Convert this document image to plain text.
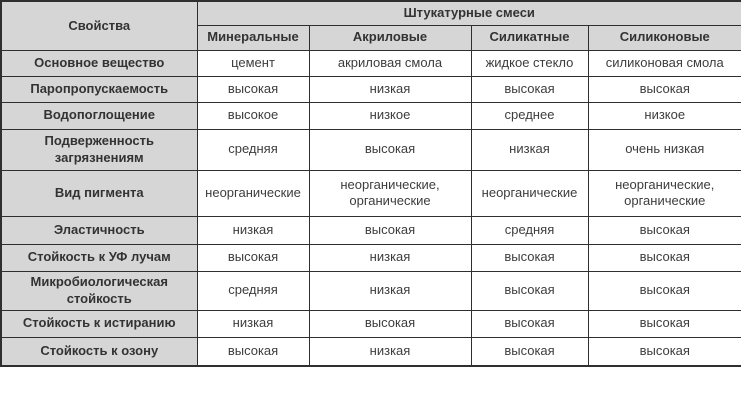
Свойства	Штукатурные смеси			
	Минеральные	Акриловые	Силикатные	Силиконовые
Основное вещество	цемент	акриловая смола	жидкое стекло	силиконовая смола
Паропропускаемость	высокая	низкая	высокая	высокая
Водопоглощение	высокое	низкое	среднее	низкое
Подверженность загрязнениям	средняя	высокая	низкая	очень низкая
Вид пигмента	неорганические	неорганические, органические	неорганические	неорганические, органические
Эластичность	низкая	высокая	средняя	высокая
Стойкость к УФ лучам	высокая	низкая	высокая	высокая
Микробиологическая стойкость	средняя	низкая	высокая	высокая
Стойкость к истиранию	низкая	высокая	высокая	высокая
Стойкость к озону	высокая	низкая	высокая	высокая
